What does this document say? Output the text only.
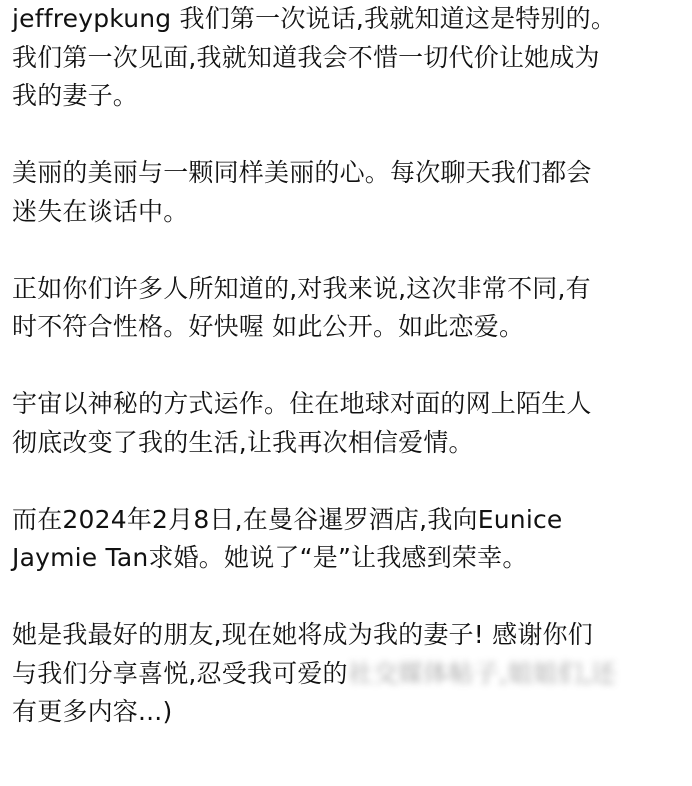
jeffreypkung 我们第一次说话,我就知道这是特别的。
我们第一次见面,我就知道我会不惜一切代价让她成为
我的妻子。
美丽的美丽与一颗同样美丽的心。每次聊天我们都会
迷失在谈话中。
正如你们许多人所知道的,对我来说,这次非常不同,有
时不符合性格。好快喔 如此公开。如此恋爱。
宇宙以神秘的方式运作。住在地球对面的网上陌生人
彻底改变了我的生活,让我再次相信爱情。
而在2024年2月8日,在曼谷暹罗酒店,我向Eunice
Jaymie Tan求婚。她说了“是”让我感到荣幸。
她是我最好的朋友,现在她将成为我的妻子! 感谢你们
与我们分享喜悦,忍受我可爱的社交媒体帖子,姐姐们,还
有更多内容...)
